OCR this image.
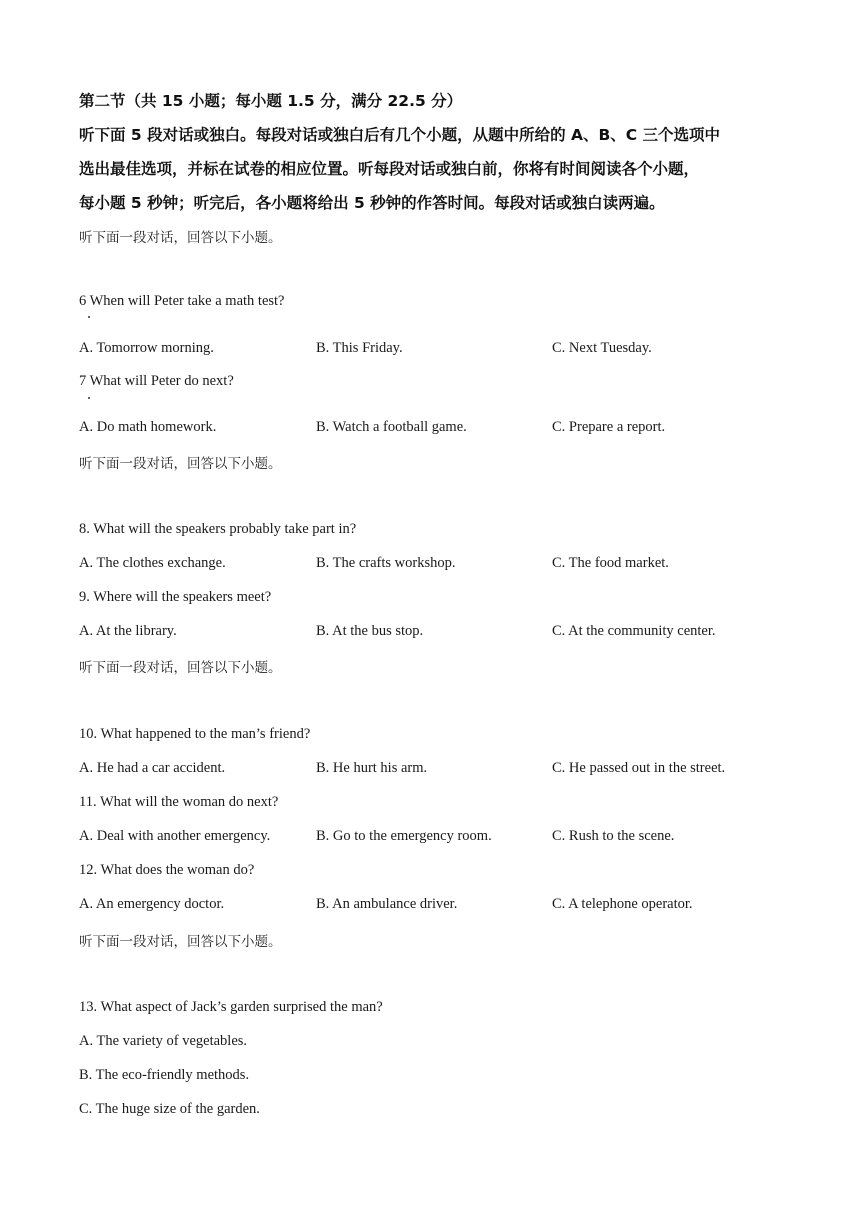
第二节（共 15 小题；每小题 1.5 分，满分 22.5 分）
听下面 5 段对话或独白。每段对话或独白后有几个小题，从题中所给的 A、B、C 三个选项中
选出最佳选项，并标在试卷的相应位置。听每段对话或独白前，你将有时间阅读各个小题，
每小题 5 秒钟；听完后，各小题将给出 5 秒钟的作答时间。每段对话或独白读两遍。
听下面一段对话，回答以下小题。
6 When will Peter take a math test?
A. Tomorrow morning.	B. This Friday.	C. Next Tuesday.
7 What will Peter do next?
A. Do math homework.	B. Watch a football game.	C. Prepare a report.
听下面一段对话，回答以下小题。
8. What will the speakers probably take part in?
A. The clothes exchange.	B. The crafts workshop.	C. The food market.
9. Where will the speakers meet?
A. At the library.	B. At the bus stop.	C. At the community center.
听下面一段对话，回答以下小题。
10. What happened to the man’s friend?
A. He had a car accident.	B. He hurt his arm.	C. He passed out in the street.
11. What will the woman do next?
A. Deal with another emergency.	B. Go to the emergency room.	C. Rush to the scene.
12. What does the woman do?
A. An emergency doctor.	B. An ambulance driver.	C. A telephone operator.
听下面一段对话，回答以下小题。
13. What aspect of Jack’s garden surprised the man?
A. The variety of vegetables.
B. The eco-friendly methods.
C. The huge size of the garden.
